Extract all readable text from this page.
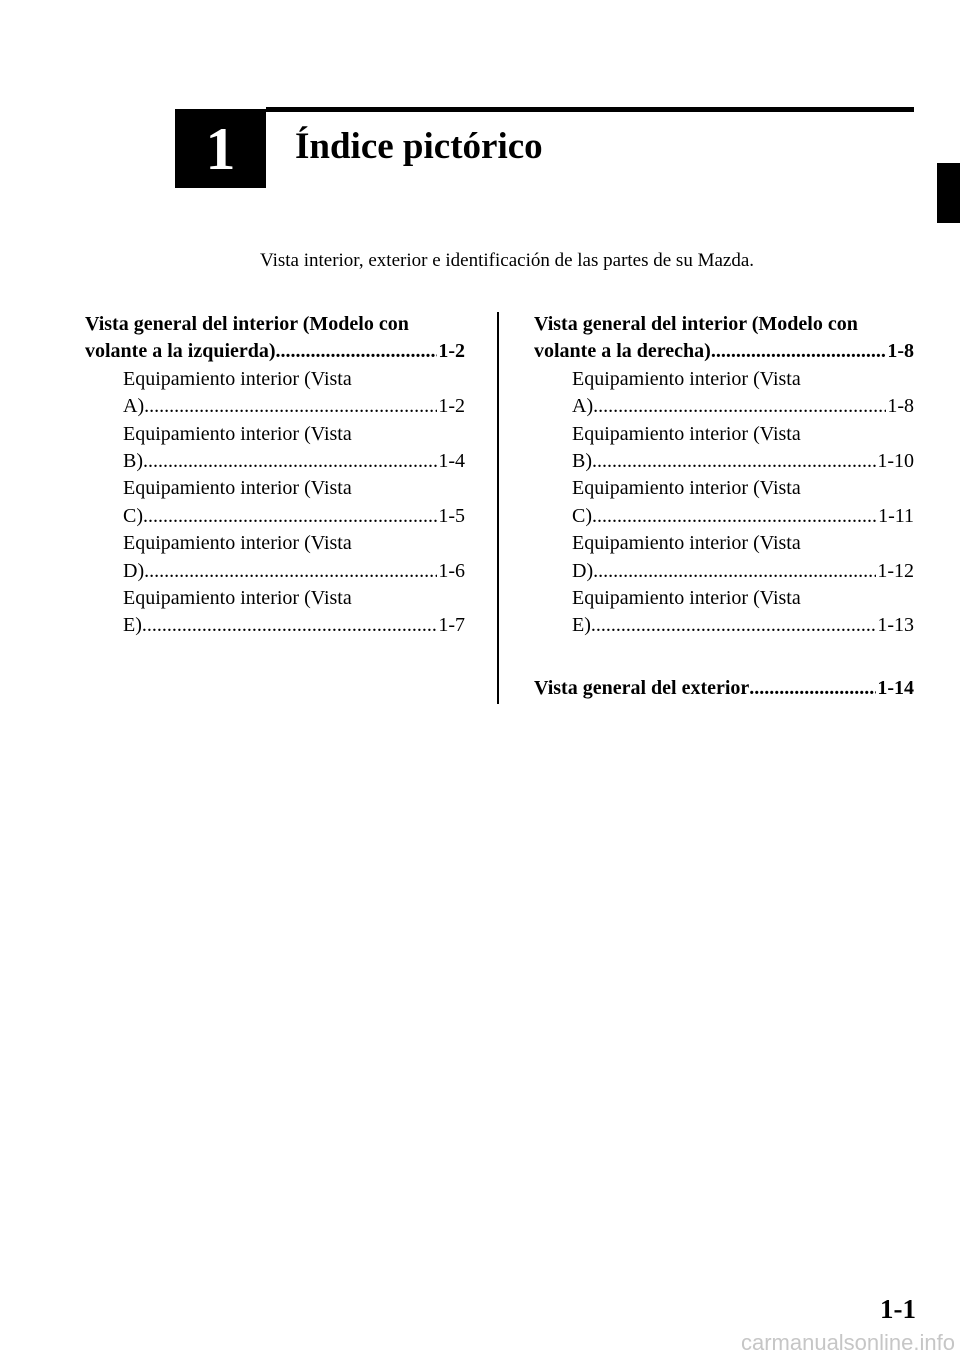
1 Índice pictórico
Vista interior, exterior e identificación de las partes de su Mazda.
Vista general del interior (Modelo con
volante a la izquierda) .....	1-2
Equipamiento interior (Vista
A) .....	1-2
Equipamiento interior (Vista
B) .....	1-4
Equipamiento interior (Vista
C) .....	1-5
Equipamiento interior (Vista
D) .....	1-6
Equipamiento interior (Vista
E) .....	1-7
Vista general del interior (Modelo con
volante a la derecha) .....	1-8
Equipamiento interior (Vista
A) .....	1-8
Equipamiento interior (Vista
B) .....	1-10
Equipamiento interior (Vista
C) .....	1-11
Equipamiento interior (Vista
D) .....	1-12
Equipamiento interior (Vista
E) .....	1-13
Vista general del exterior .....	1-14
1-1
carmanualsonline.info
